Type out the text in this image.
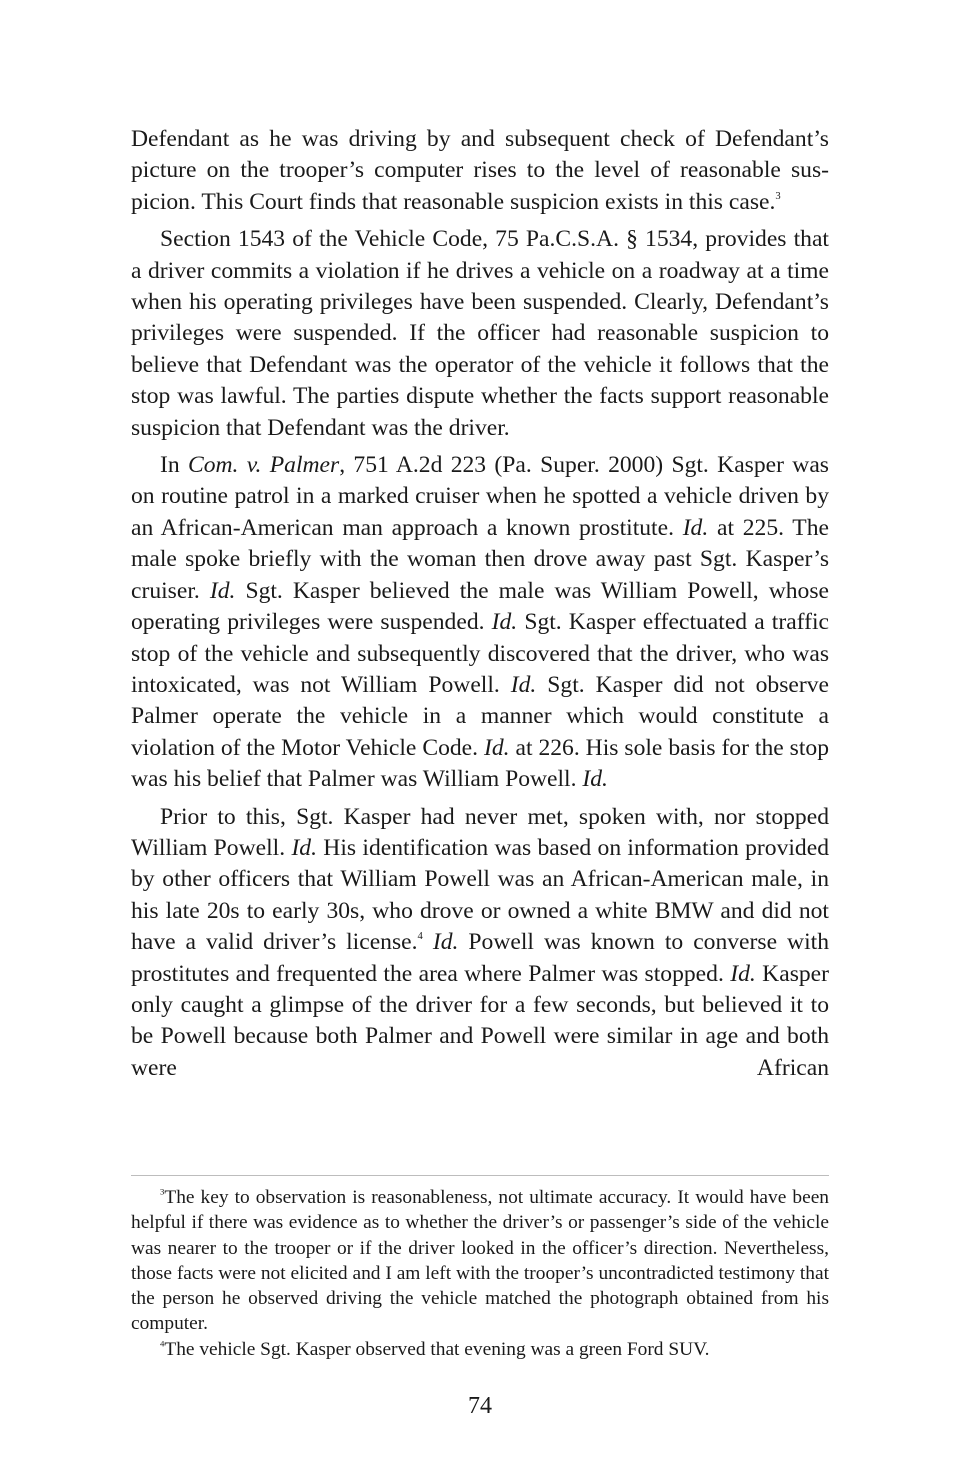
Defendant as he was driving by and subsequent check of Defendant’s picture on the trooper’s computer rises to the level of reasonable suspicion. This Court finds that reasonable suspicion exists in this case.$^3$

Section 1543 of the Vehicle Code, 75 Pa.C.S.A. § 1534, provides that a driver commits a violation if he drives a vehicle on a roadway at a time when his operating privileges have been suspended. Clearly, Defendant’s privileges were suspended. If the officer had reasonable suspicion to believe that Defendant was the operator of the vehicle it follows that the stop was lawful. The parties dispute whether the facts support reasonable suspicion that Defendant was the driver.

In Com. v. Palmer, 751 A.2d 223 (Pa. Super. 2000) Sgt. Kasper was on routine patrol in a marked cruiser when he spotted a vehicle driven by an African-American man approach a known prostitute. Id. at 225. The male spoke briefly with the woman then drove away past Sgt. Kasper’s cruiser. Id. Sgt. Kasper believed the male was William Powell, whose operating privileges were suspended. Id. Sgt. Kasper effectuated a traffic stop of the vehicle and subsequently discovered that the driver, who was intoxicated, was not William Powell. Id. Sgt. Kasper did not observe Palmer operate the vehicle in a manner which would constitute a violation of the Motor Vehicle Code. Id. at 226. His sole basis for the stop was his belief that Palmer was William Powell. Id.

Prior to this, Sgt. Kasper had never met, spoken with, nor stopped William Powell. Id. His identification was based on information provided by other officers that William Powell was an African-American male, in his late 20s to early 30s, who drove or owned a white BMW and did not have a valid driver’s license.$^4$ Id. Powell was known to converse with prostitutes and frequented the area where Palmer was stopped. Id. Kasper only caught a glimpse of the driver for a few seconds, but believed it to be Powell because both Palmer and Powell were similar in age and both were African

$^3$The key to observation is reasonableness, not ultimate accuracy. It would have been helpful if there was evidence as to whether the driver’s or passenger’s side of the vehicle was nearer to the trooper or if the driver looked in the officer’s direction. Nevertheless, those facts were not elicited and I am left with the trooper’s uncontradicted testimony that the person he observed driving the vehicle matched the photograph obtained from his computer.

$^4$The vehicle Sgt. Kasper observed that evening was a green Ford SUV.

74
